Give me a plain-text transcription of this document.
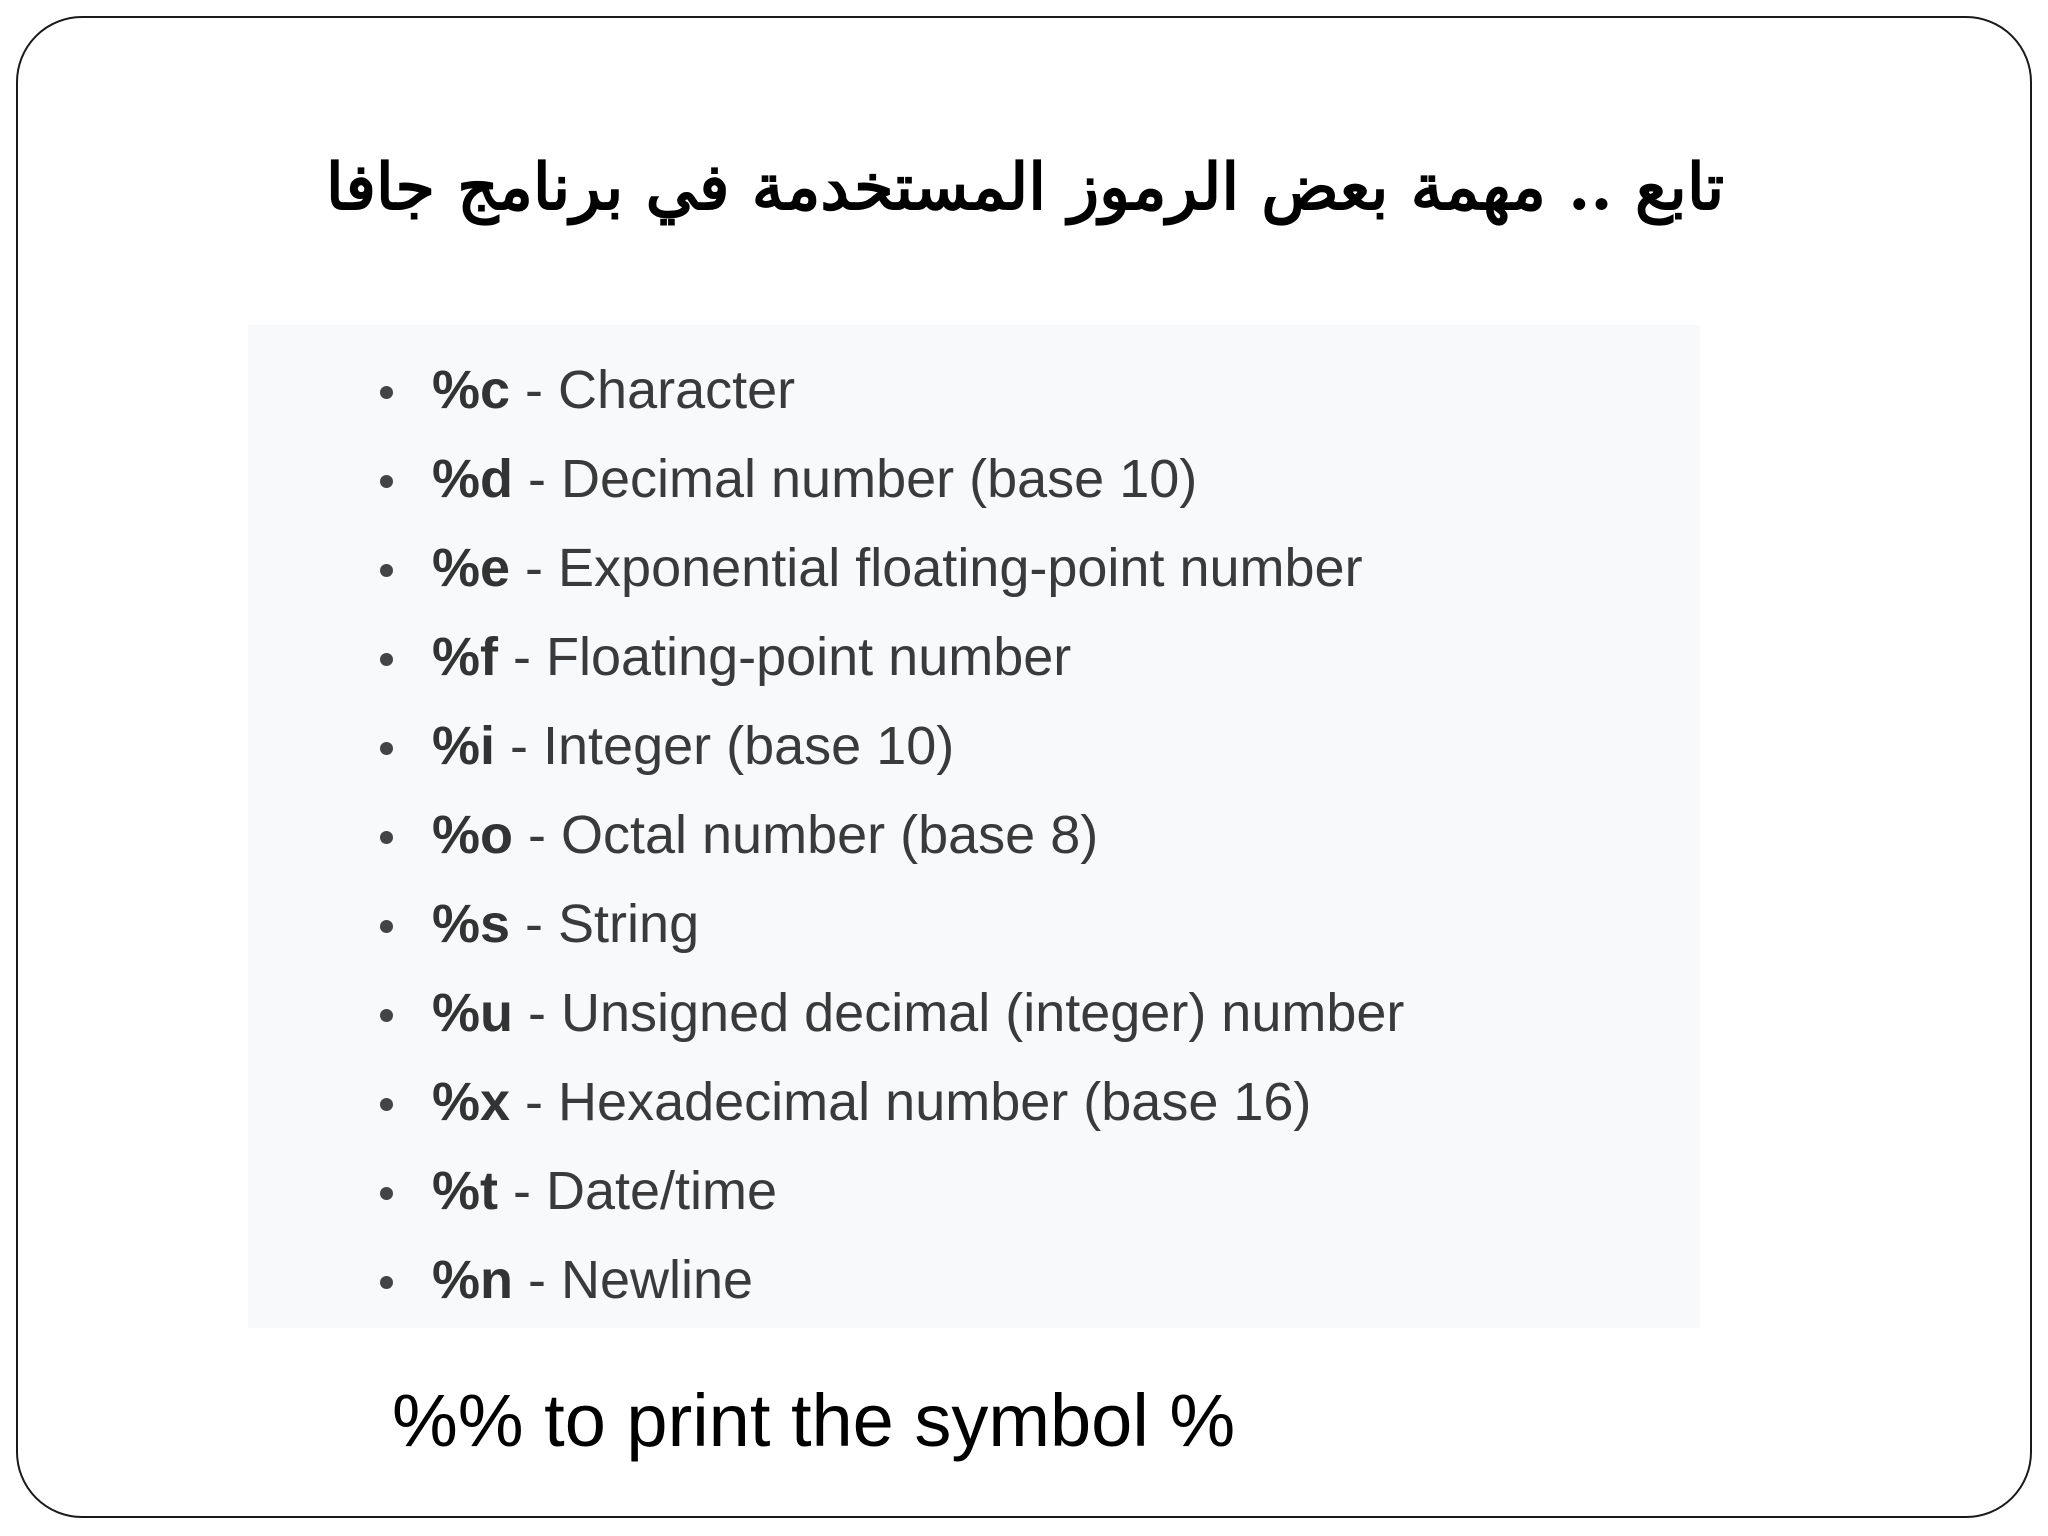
تابع .. مهمة بعض الرموز المستخدمة في برنامج جافا
%c - Character
%d - Decimal number (base 10)
%e - Exponential floating-point number
%f - Floating-point number
%i - Integer (base 10)
%o - Octal number (base 8)
%s - String
%u - Unsigned decimal (integer) number
%x - Hexadecimal number (base 16)
%t - Date/time
%n - Newline
%% to print the symbol %
